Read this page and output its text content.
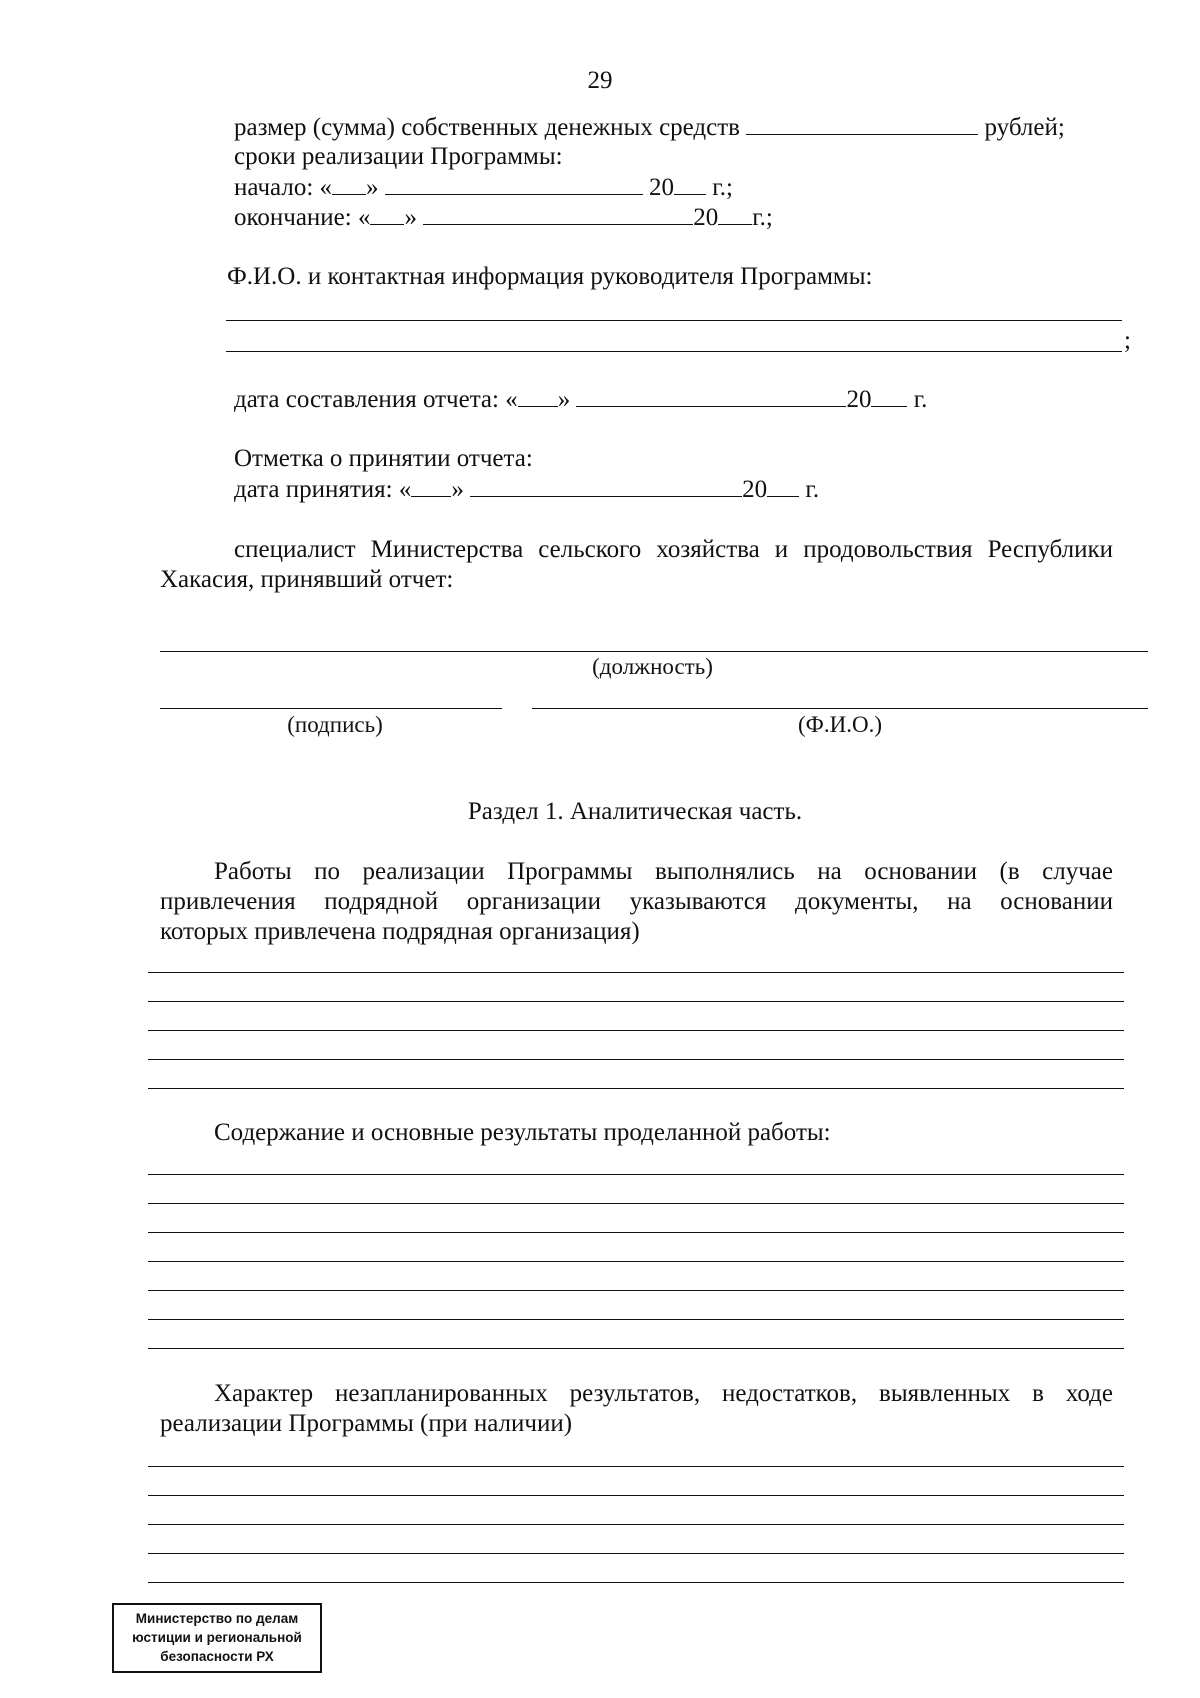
29
размер (сумма) собственных денежных средств	рублей;
сроки реализации Программы:
начало: « »	20 г.;
окончание: « »	20 г.;
Ф.И.О. и контактная информация руководителя Программы:
;
дата составления отчета: « »	20 г.
Отметка о принятии отчета:
дата принятия: « »	20 г.
специалист Министерства сельского хозяйства и продовольствия Республики
Хакасия, принявший отчет:
(должность)
(подпись)	(Ф.И.О.)
Раздел 1. Аналитическая часть.
Работы по реализации Программы выполнялись на основании (в случае
привлечения подрядной организации указываются документы, на основании
которых привлечена подрядная организация)
Содержание и основные результаты проделанной работы:
Характер незапланированных результатов, недостатков, выявленных в ходе
реализации Программы (при наличии)
Министерство по делам
юстиции и региональной
безопасности РХ
